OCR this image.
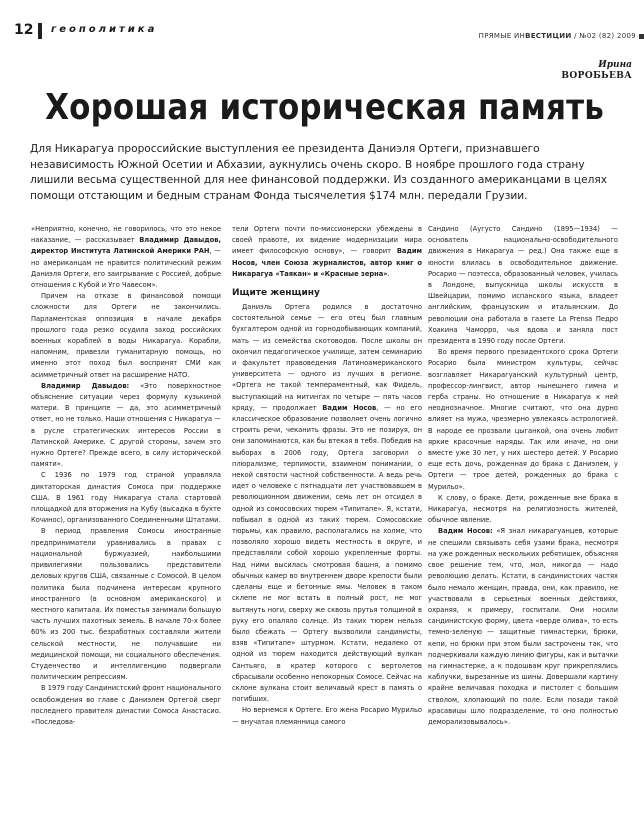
12 геополитика
ПРЯМЫЕ ИНВЕСТИЦИИ / №02 (82) 2009
Ирина
ВОРОБЬЕВА
Хорошая историческая память
Для Никарагуа пророссийские выступления ее президента Даниэля Ортеги, признавшего независимость Южной Осетии и Абхазии, аукнулись очень скоро. В ноябре прошлого года страну лишили весьма существенной для нее финансовой поддержки. Из созданного американцами в целях помощи отстающим и бедным странам Фонда тысячелетия $174 млн. передали Грузии.

«Неприятно, конечно, не говорилось, что это некое наказание, — рассказывает Владимир Давыдов, директор Института Латинской Америки РАН, — но американцам не нравится политический режим Даниэля Ортеги, его заигрывание с Россией, добрые отношения с Кубой и Уго Чавесом».

Причем на отказе в финансовой помощи сложности для Ортеги не закончились. Парламентская оппозиция в начале декабря прошлого года резко осудила заход российских военных кораблей в воды Никарагуа. Корабли, напомним, привезли гуманитарную помощь, но именно этот поход был воспринят СМИ как асимметричный ответ на расширение НАТО.

Владимир Давыдов: «Это поверхностное объяснение ситуации через формулу кузькиной матери. В принципе — да, это асимметричный ответ, но не только. Наши отношения с Никарагуа — в русле стратегических интересов России в Латинской Америке. С другой стороны, зачем это нужно Ортеге? Прежде всего, в силу исторической памяти».

С 1936 по 1979 год страной управляла диктаторская династия Сомоса при поддержке США. В 1961 году Никарагуа стала стартовой площадкой для вторжения на Кубу (высадка в бухте Кочинос), организованного Соединенными Штатами.

В период правления Сомосы иностранные предприниматели уравнивались в правах с национальной буржуазией, наибольшими привилегиями пользовались представители деловых кругов США, связанные с Сомосой. В целом политика была подчинена интересам крупного иностранного (в основном американского) и местного капитала. Их поместья занимали большую часть лучших пахотных земель. В начале 70-х более 60% из 200 тыс. безработных составляли жители сельской местности, не получавшие ни медицинской помощи, ни социального обеспечения. Студенчество и интеллигенцию подвергали политическим репрессиям.

В 1979 году Сандинистский фронт национального освобождения во главе с Даниэлем Ортегой сверг последнего правителя династии Сомоса Анастасио. «Последова-

тели Ортеги почти по-миссионерски убеждены в своей правоте, их видение модернизации мира имеет философскую основу», — говорит Вадим Носов, член Союза журналистов, автор книг о Никарагуа «Таякан» и «Красные зерна».

Ищите женщину

Даниэль Ортега родился в достаточно состоятельной семье — его отец был главным бухгалтером одной из горнодобывающих компаний, мать — из семейства скотоводов. После школы он окончил педагогическое училище, затем семинарию и факультет правоведения Латиноамериканского университета — одного из лучших в регионе. «Ортега не такой темпераментный, как Фидель, выступающий на митингах по четыре — пять часов кряду, — продолжает Вадим Носов, — но его классическое образование позволяет очень логично строить речи, чеканить фразы. Это не позируя, он они запоминаются, как бы втекая в тебя. Победив на выборах в 2006 году, Ортега заговорил о плюрализме, терпимости, взаимном понимании, о некой святости частной собственности. А ведь речь идет о человеке с пятнадцати лет участвовавшем в революционном движении, семь лет он отсидел в одной из сомосовских тюрем «Типитапе». Я, кстати, побывал в одной из таких тюрем. Сомосовские тюрьмы, как правило, располагались на холме, что позволяло хорошо видеть местность в округе, и представляли собой хорошо укрепленные форты. Над ними высилась смотровая башня, а помимо обычных камер во внутреннем дворе крепости были сделаны еще и бетонные ямы. Человек в таком склепе не мог встать в полный рост, не мог вытянуть ноги, сверху же сквозь прутья толщиной в руку его опаляло солнце. Из таких тюрем нельзя было сбежать — Ортегу вызволили сандинисты, взяв «Типитапе» штурмом. Кстати, недалеко от одной из тюрем находится действующий вулкан Сантьяго, в кратер которого с вертолетов сбрасывали особенно непокорных Сомосе. Сейчас на склоне вулкана стоит величавый крест в память о погибших.

Но вернемся к Ортеге. Его жена Росарио Мурильо — внучатая племянница самого

Сандино (Аугусто Сандино (1895—1934) — основатель национально-освободительного движения в Никарагуа — ред.) Она также еще в юности влилась в освободительное движение. Росарио — поэтесса, образованный человек, училась в Лондоне, выпускница школы искусств в Швейцарии, помимо испанского языка, владеет английским, французским и итальянским. До революции она работала в газете La Prensa Педро Хоакина Чаморро, чья вдова и заняла пост президента в 1990 году после Ортеги.

Во время первого президентского срока Ортеги Росарио была министром культуры, сейчас возглавляет Никарагуанский культурный центр, профессор-лингвист, автор нынешнего гимна и герба страны. Но отношение в Никарагуа к ней неоднозначное. Многие считают, что она дурно влияет на мужа, чрезмерно увлекаясь астрологией. В народе ее прозвали цыганкой, она очень любит яркие красочные наряды. Так или иначе, но они вместе уже 30 лет, у них шестеро детей. У Росарио еще есть дочь, рожденная до брака с Даниэлем, у Ортеги — трое детей, рожденных до брака с Мурильо».

К слову, о браке. Дети, рожденные вне брака в Никарагуа, несмотря на религиозность жителей, обычное явление.

Вадим Носов: «Я знал никарагуанцев, которые не спешили связывать себя узами брака, несмотря на уже рожденных нескольких ребятишек, объясняя свое решение тем, что, мол, никогда — надо революцию делать. Кстати, в сандинистских частях было немало женщин, правда, они, как правило, не участвовали в серьезных военных действиях, охраняя, к примеру, госпитали. Они носили сандинистскую форму, цвета «верде олива», то есть темно-зеленую — защитные гимнастерки, брюки, кепи, но брюки при этом были застрочены так, что подчеркивали каждую линию фигуры, как и вытачки на гимнастерке, а к подошвам круг прикреплялись каблучки, вырезанные из шины. Довершали картину крайне величавая походка и пистолет с большим стволом, хлопающий по поле. Если позади такой красавицы шло подразделение, то оно полностью деморализовывалось».
